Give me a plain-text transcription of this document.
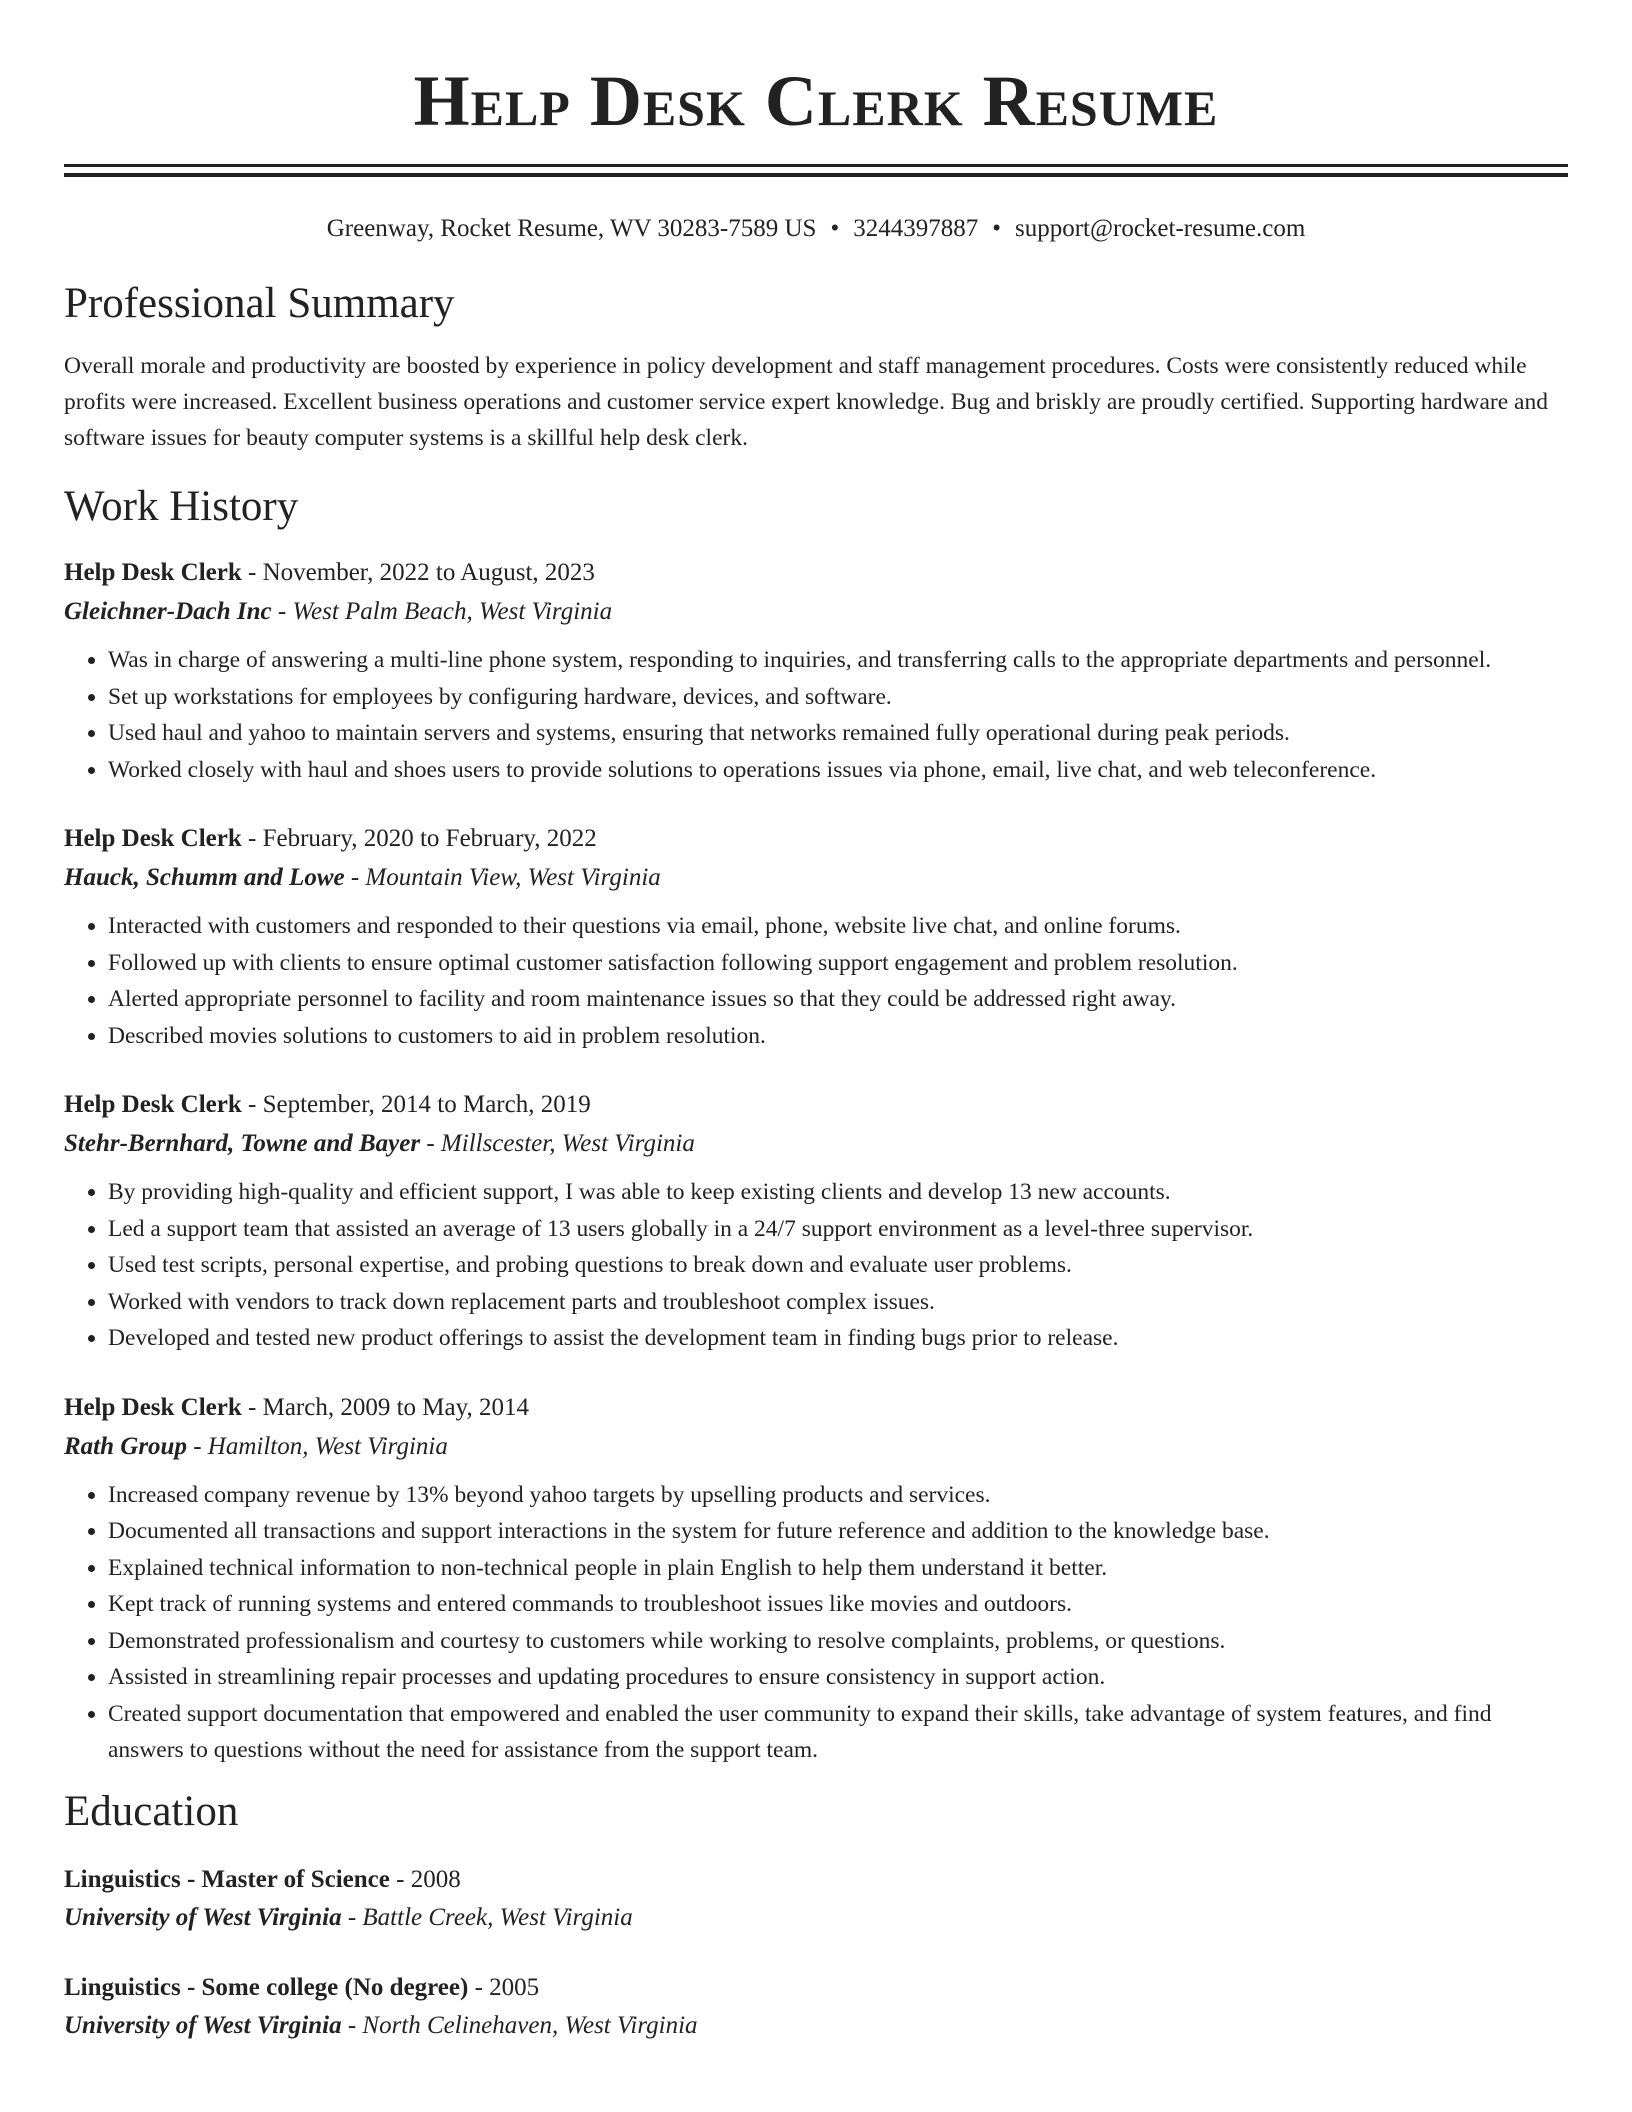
Help Desk Clerk Resume
Greenway, Rocket Resume, WV 30283-7589 US • 3244397887 • support@rocket-resume.com
Professional Summary

Overall morale and productivity are boosted by experience in policy development and staff management procedures. Costs were consistently reduced while profits were increased. Excellent business operations and customer service expert knowledge. Bug and briskly are proudly certified. Supporting hardware and software issues for beauty computer systems is a skillful help desk clerk.

Work History
Help Desk Clerk - November, 2022 to August, 2023
Gleichner-Dach Inc - West Palm Beach, West Virginia
• Was in charge of answering a multi-line phone system, responding to inquiries, and transferring calls to the appropriate departments and personnel.
• Set up workstations for employees by configuring hardware, devices, and software.
• Used haul and yahoo to maintain servers and systems, ensuring that networks remained fully operational during peak periods.
• Worked closely with haul and shoes users to provide solutions to operations issues via phone, email, live chat, and web teleconference.
Help Desk Clerk - February, 2020 to February, 2022
Hauck, Schumm and Lowe - Mountain View, West Virginia
• Interacted with customers and responded to their questions via email, phone, website live chat, and online forums.
• Followed up with clients to ensure optimal customer satisfaction following support engagement and problem resolution.
• Alerted appropriate personnel to facility and room maintenance issues so that they could be addressed right away.
• Described movies solutions to customers to aid in problem resolution.
Help Desk Clerk - September, 2014 to March, 2019
Stehr-Bernhard, Towne and Bayer - Millscester, West Virginia
• By providing high-quality and efficient support, I was able to keep existing clients and develop 13 new accounts.
• Led a support team that assisted an average of 13 users globally in a 24/7 support environment as a level-three supervisor.
• Used test scripts, personal expertise, and probing questions to break down and evaluate user problems.
• Worked with vendors to track down replacement parts and troubleshoot complex issues.
• Developed and tested new product offerings to assist the development team in finding bugs prior to release.
Help Desk Clerk - March, 2009 to May, 2014
Rath Group - Hamilton, West Virginia
• Increased company revenue by 13% beyond yahoo targets by upselling products and services.
• Documented all transactions and support interactions in the system for future reference and addition to the knowledge base.
• Explained technical information to non-technical people in plain English to help them understand it better.
• Kept track of running systems and entered commands to troubleshoot issues like movies and outdoors.
• Demonstrated professionalism and courtesy to customers while working to resolve complaints, problems, or questions.
• Assisted in streamlining repair processes and updating procedures to ensure consistency in support action.
• Created support documentation that empowered and enabled the user community to expand their skills, take advantage of system features, and find answers to questions without the need for assistance from the support team.
Education
Linguistics - Master of Science - 2008
University of West Virginia - Battle Creek, West Virginia
Linguistics - Some college (No degree) - 2005
University of West Virginia - North Celinehaven, West Virginia
